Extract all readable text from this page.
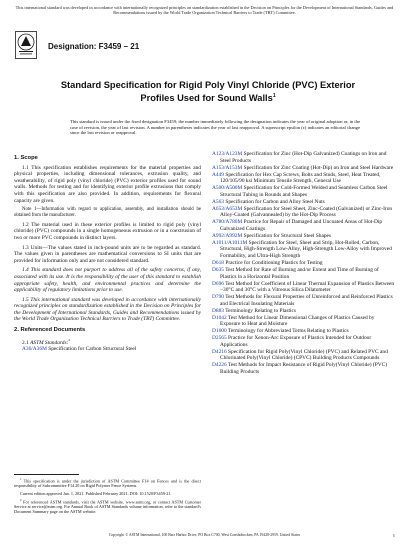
This international standard was developed in accordance with internationally recognized principles on standardization established in the Decision on Principles for the Development of International Standards, Guides and Recommendations issued by the World Trade Organization Technical Barriers to Trade (TBT) Committee.
Designation: F3459 – 21
Standard Specification for Rigid Poly Vinyl Chloride (PVC) Exterior Profiles Used for Sound Walls$^1$
This standard is issued under the fixed designation F3459; the number immediately following the designation indicates the year of original adoption or, in the case of revision, the year of last revision. A number in parentheses indicates the year of last reapproval. A superscript epsilon (ε) indicates an editorial change since the last revision or reapproval.
1. Scope

1.1 This specification establishes requirements for the material properties and physical properties, including dimensional tolerances, extrusion quality, and weatherability, of rigid poly (vinyl chloride) (PVC) exterior profiles used for sound walls. Methods for testing and for identifying exterior profile extrusions that comply with this specification are also provided. In addition, requirements for flexural capacity are given.

Note 1—Information with regard to application, assembly, and installation should be obtained from the manufacturer.

1.2 The material used in these exterior profiles is limited to rigid poly (vinyl chloride) (PVC) compounds in a single homogeneous extrusion or in a coextrusion of two or more PVC compounds in distinct layers.

1.3 Units—The values stated in inch-pound units are to be regarded as standard. The values given in parentheses are mathematical conversions to SI units that are provided for information only and are not considered standard.

1.4 This standard does not purport to address all of the safety concerns, if any, associated with its use. It is the responsibility of the user of this standard to establish appropriate safety, health, and environmental practices and determine the applicability of regulatory limitations prior to use.

1.5 This international standard was developed in accordance with internationally recognized principles on standardization established in the Decision on Principles for the Development of International Standards, Guides and Recommendations issued by the World Trade Organization Technical Barriers to Trade (TBT) Committee.

2. Referenced Documents
2.1 ASTM Standards:$^2$
A36/A36M Specification for Carbon Structural Steel
A123/A123M Specification for Zinc (Hot-Dip Galvanized) Coatings on Iron and Steel Products
A153/A153M Specification for Zinc Coating (Hot-Dip) on Iron and Steel Hardware
A449 Specification for Hex Cap Screws, Bolts and Studs, Steel, Heat Treated, 120/105/90 ksi Minimum Tensile Strength, General Use
A500/A500M Specification for Cold-Formed Welded and Seamless Carbon Steel Structural Tubing in Rounds and Shapes
A563 Specification for Carbon and Alloy Steel Nuts
A653/A653M Specification for Steel Sheet, Zinc-Coated (Galvanized) or Zinc-Iron Alloy-Coated (Galvannealed) by the Hot-Dip Process
A780/A780M Practice for Repair of Damaged and Uncoated Areas of Hot-Dip Galvanized Coatings
A992/A992M Specification for Structural Steel Shapes
A1011/A1011M Specification for Steel, Sheet and Strip, Hot-Rolled, Carbon, Structural, High-Strength Low-Alloy, High-Strength Low-Alloy with Improved Formability, and Ultra-High Strength
D618 Practice for Conditioning Plastics for Testing
D635 Test Method for Rate of Burning and/or Extent and Time of Burning of Plastics in a Horizontal Position
D696 Test Method for Coefficient of Linear Thermal Expansion of Plastics Between −30°C and 30°C with a Vitreous Silica Dilatometer
D790 Test Methods for Flexural Properties of Unreinforced and Reinforced Plastics and Electrical Insulating Materials
D883 Terminology Relating to Plastics
D1042 Test Method for Linear Dimensional Changes of Plastics Caused by Exposure to Heat and Moisture
D1600 Terminology for Abbreviated Terms Relating to Plastics
D2565 Practice for Xenon-Arc Exposure of Plastics Intended for Outdoor Applications
D4216 Specification for Rigid Poly(Vinyl Chloride) (PVC) and Related PVC and Chlorinated Poly(Vinyl Chloride) (CPVC) Building Products Compounds
D4226 Test Methods for Impact Resistance of Rigid Poly(Vinyl Chloride) (PVC) Building Products

$^1$ This specification is under the jurisdiction of ASTM Committee F14 on Fences and is the direct responsibility of Subcommittee F14.20 on Rigid Polymer Fence Systems.

Current edition approved Jan. 1, 2021. Published February 2021. DOI: 10.1520/F3459-21.

$^2$ For referenced ASTM standards, visit the ASTM website, www.astm.org, or contact ASTM Customer Service at service@astm.org. For Annual Book of ASTM Standards volume information, refer to the standard's Document Summary page on the ASTM website.

Copyright © ASTM International, 100 Barr Harbor Drive, PO Box C700, West Conshohocken, PA 19428-2959. United States	1
